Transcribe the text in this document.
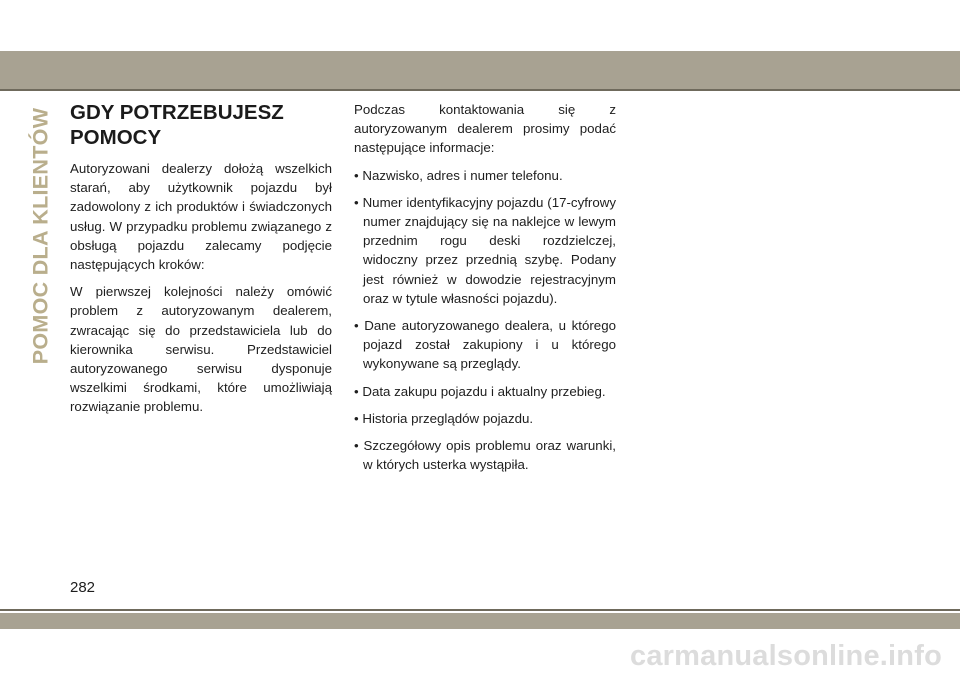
POMOC DLA KLIENTÓW GDY POTRZEBUJESZ
POMOCY

Autoryzowani dealerzy dołożą wszelkich starań, aby użytkownik pojazdu był zadowolony z ich produktów i świadczonych usług. W przypadku problemu związanego z obsługą pojazdu zalecamy podjęcie następujących kroków:

W pierwszej kolejności należy omówić problem z autoryzowanym dealerem, zwracając się do przedstawiciela lub do kierownika serwisu. Przedstawiciel autoryzowanego serwisu dysponuje wszelkimi środkami, które umożliwiają rozwiązanie problemu.

Podczas kontaktowania się z autoryzowanym dealerem prosimy podać następujące informacje:

• Nazwisko, adres i numer telefonu.
• Numer identyfikacyjny pojazdu (17-cyfrowy numer znajdujący się na naklejce w lewym przednim rogu deski rozdzielczej, widoczny przez przednią szybę. Podany jest również w dowodzie rejestracyjnym oraz w tytule własności pojazdu).
• Dane autoryzowanego dealera, u którego pojazd został zakupiony i u którego wykonywane są przeglądy.
• Data zakupu pojazdu i aktualny przebieg.
• Historia przeglądów pojazdu.
• Szczegółowy opis problemu oraz warunki, w których usterka wystąpiła.
282
carmanualsonline.info
